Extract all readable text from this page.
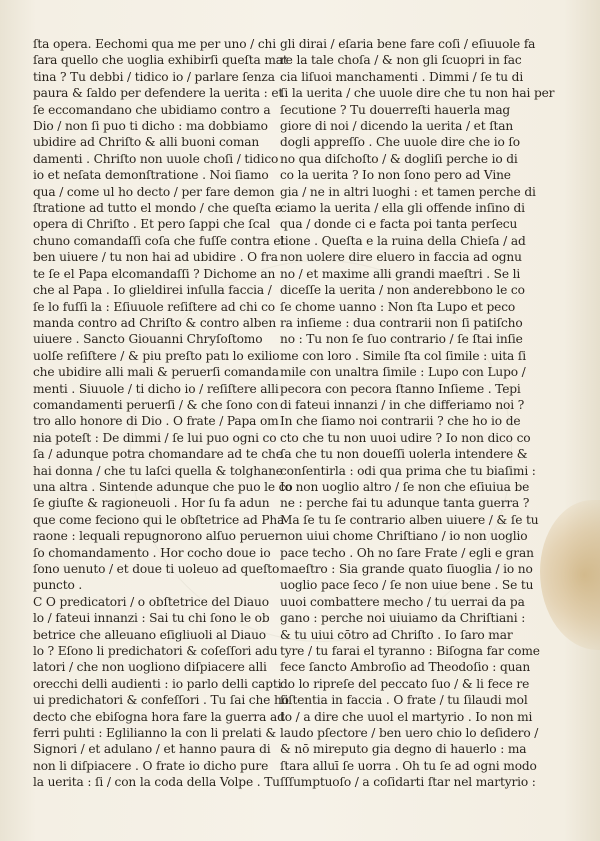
ſta opera. Eechomi qua me per uno / chi
ſara quello che uoglia exhibirſi queſta mat
tina ? Tu debbi / tidico io / parlare ſenza
paura & ſaldo per defendere la uerita : et
ſe eccomandano che ubidiamo contro a
Dio / non ſi puo ti dicho : ma dobbiamo
ubidire ad Chriſto & alli buoni coman
damenti . Chriſto non uuole choſi / tidico
io et neſata demonſtratione . Noi ſiamo
qua / come ul ho decto / per fare demon
ſtratione ad tutto el mondo / che queſta e
opera di Chriſto . Et pero ſappi che ſcal
chuno comandaſſi coſa che fuſſe contra el
ben uiuere / tu non hai ad ubidire . O fra
te ſe el Papa elcomandaſſi ? Dichome an
che al Papa . Io glieldirei inſulla faccia /
ſe lo fuſſi la : Eſiuuole reſiſtere ad chi co
manda contro ad Chriſto & contro alben
uiuere . Sancto Giouanni Chryſoſtomo
uolſe reſiſtere / & piu preſto patı lo exilio
che ubidire alli mali & peruerſi comanda
menti . Siuuole / ti dicho io / reſiſtere alli
comandamenti peruerſi / & che ſono con
tro allo honore di Dio . O frate / Papa om
nia poteſt : De dimmi / ſe lui puo ogni co
ſa / adunque potra chomandare ad te che
hai donna / che tu laſci quella & tolghane
una altra . Sintende adunque che puo le co
ſe giuſte & ragioneuoli . Hor ſu fa adun
que come feciono qui le obſtetrice ad Pha
raone : lequali repugnorono alſuo peruer
ſo chomandamento . Hor cocho doue io
ſono uenuto / et doue ti uoleuo ad queſto
puncto .
C O predicatori / o obſtetrice del Diauo
lo / fateui innanzi : Sai tu chi ſono le ob
betrice che alleuano eſigliuoli al Diauo
lo ? Eſono li predichatori & coſeſſori adu
latori / che non uogliono diſpiacere alli
orecchi delli audienti : io parlo delli capti
ui predichatori & confeſſori . Tu ſai che ho
decto che ebiſogna hora fare la guerra ad
ferri pulıti : Eglilianno la con li prelati &
Signori / et adulano / et hanno paura di
non li diſpiacere . O frate io dicho pure
la uerita : ſi / con la coda della Volpe . Tu
gli dirai / eſaria bene fare coſi / eſiuuole fa
re la tale choſa / & non gli ſcuopri in fac
cia liſuoi manchamenti . Dimmi / ſe tu di
ſi la uerita / che uuole dire che tu non hai per
ſecutione ? Tu douerreſti hauerla mag
giore di noi / dicendo la uerita / et ſtan
dogli appreſſo . Che uuole dire che io ſo
no qua diſchoſto / & dogliſi perche io di
co la uerita ? Io non ſono pero ad Vine
gia / ne in altri luoghi : et tamen perche di
ciamo la uerita / ella gli offende inſino di
qua / donde ci e facta poi tanta perſecu
tione . Queſta e la ruina della Chieſa / ad
non uolere dire eluero in faccia ad ognu
no / et maxime alli grandi maeſtri . Se li
diceſſe la uerita / non anderebbono le co
ſe chome uanno : Non ſta Lupo et peco
ra inſieme : dua contrarii non ſi patiſcho
no : Tu non ſe ſuo contrario / ſe ſtai inſie
me con loro . Simile ſta col ſimile : uita ſi
mile con unaltra ſimile : Lupo con Lupo /
pecora con pecora ſtanno Inſieme . Tepi
di fateui innanzi / in che differiamo noi ?
In che ſiamo noi contrarii ? che ho io de
cto che tu non uuoi udire ? Io non dico co
ſa che tu non doueſſi uolerla intendere &
conſentirla : odi qua prima che tu biaſimi :
Io non uoglio altro / ſe non che eſiuiua be
ne : perche fai tu adunque tanta guerra ?
Ma ſe tu ſe contrario alben uiuere / & ſe tu
non uiui chome Chriſtiano / io non uoglio
pace techo . Oh no ſare Frate / egli e gran
maeſtro : Sia grande quato ſiuoglia / io no
uoglio pace ſeco / ſe non uiue bene . Se tu
uuoi combattere mecho / tu uerrai da pa
gano : perche noi uiuiamo da Chriſtiani :
& tu uiui cōtro ad Chriſto . Io ſaro mar
tyre / tu farai el tyranno : Biſogna far come
fece ſancto Ambroſio ad Theodoſio : quan
do lo ripreſe del peccato ſuo / & li fece re
ſiſtentia in faccia . O frate / tu ſilaudi mol
to / a dire che uuol el martyrio . Io non mi
laudo pſectore / ben uero chio lo deſidero /
& nō mireputo gia degno di hauerlo : ma
ſtara alluī ſe uorra . Oh tu ſe ad ogni modo
ſſſumptuoſo / a coſidarti ſtar nel martyrio :
